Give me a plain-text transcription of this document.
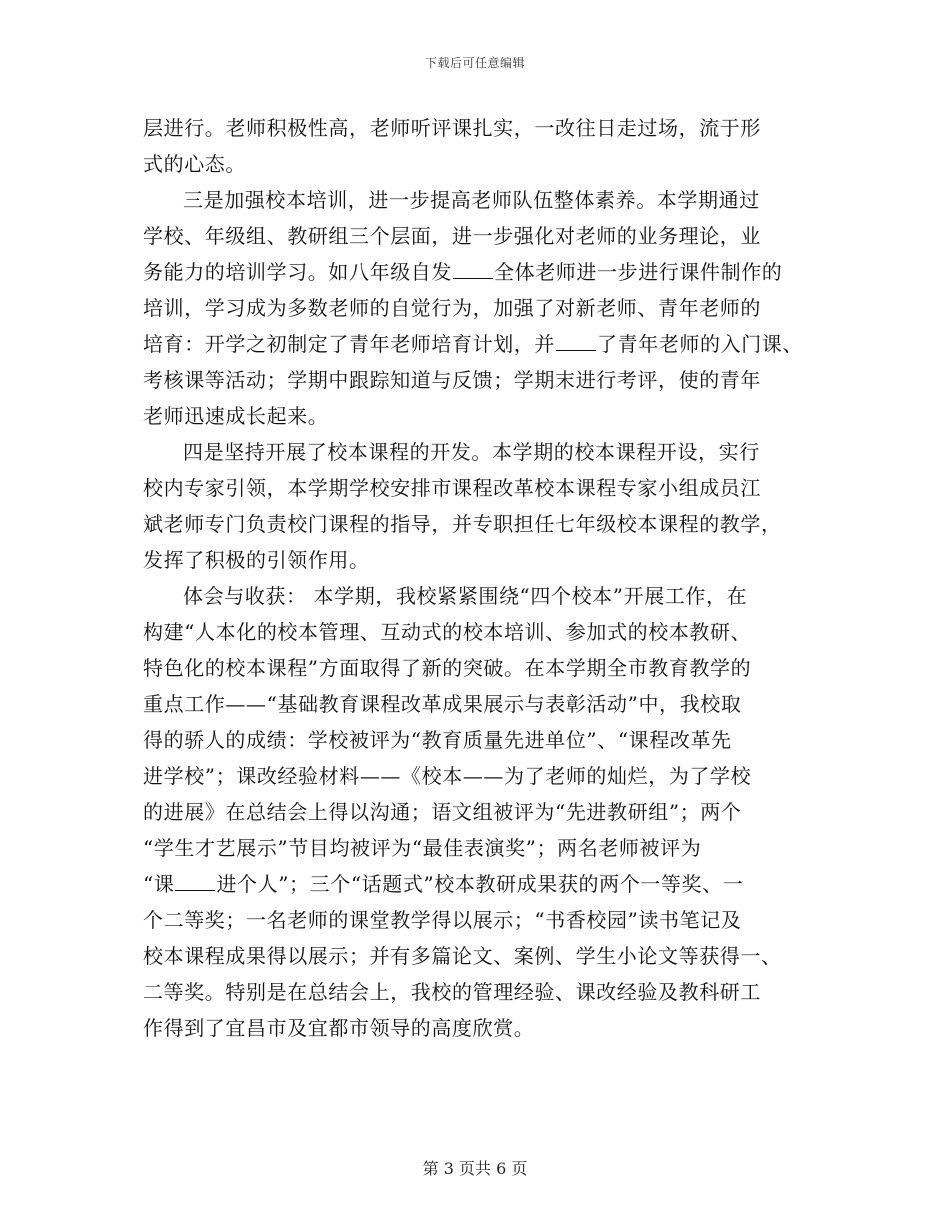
下载后可任意编辑
层进行。老师积极性高，老师听评课扎实，一改往日走过场，流于形
式的心态。
三是加强校本培训，进一步提高老师队伍整体素养。本学期通过
学校、年级组、教研组三个层面，进一步强化对老师的业务理论，业
务能力的培训学习。如八年级自发 全体老师进一步进行课件制作的
培训，学习成为多数老师的自觉行为，加强了对新老师、青年老师的
培育：开学之初制定了青年老师培育计划，并 了青年老师的入门课、
考核课等活动；学期中跟踪知道与反馈；学期末进行考评，使的青年
老师迅速成长起来。
四是坚持开展了校本课程的开发。本学期的校本课程开设，实行
校内专家引领，本学期学校安排市课程改革校本课程专家小组成员江
斌老师专门负责校门课程的指导，并专职担任七年级校本课程的教学，
发挥了积极的引领作用。
体会与收获： 本学期，我校紧紧围绕“四个校本”开展工作，在
构建“人本化的校本管理、互动式的校本培训、参加式的校本教研、
特色化的校本课程”方面取得了新的突破。在本学期全市教育教学的
重点工作——“基础教育课程改革成果展示与表彰活动”中，我校取
得的骄人的成绩：学校被评为“教育质量先进单位”、“课程改革先
进学校”；课改经验材料——《校本——为了老师的灿烂，为了学校
的进展》在总结会上得以沟通；语文组被评为“先进教研组”；两个
“学生才艺展示”节目均被评为“最佳表演奖”；两名老师被评为
“课 进个人”；三个“话题式”校本教研成果获的两个一等奖、一
个二等奖；一名老师的课堂教学得以展示；“书香校园”读书笔记及
校本课程成果得以展示；并有多篇论文、案例、学生小论文等获得一、
二等奖。特别是在总结会上，我校的管理经验、课改经验及教科研工
作得到了宜昌市及宜都市领导的高度欣赏。
第 3 页共 6 页
